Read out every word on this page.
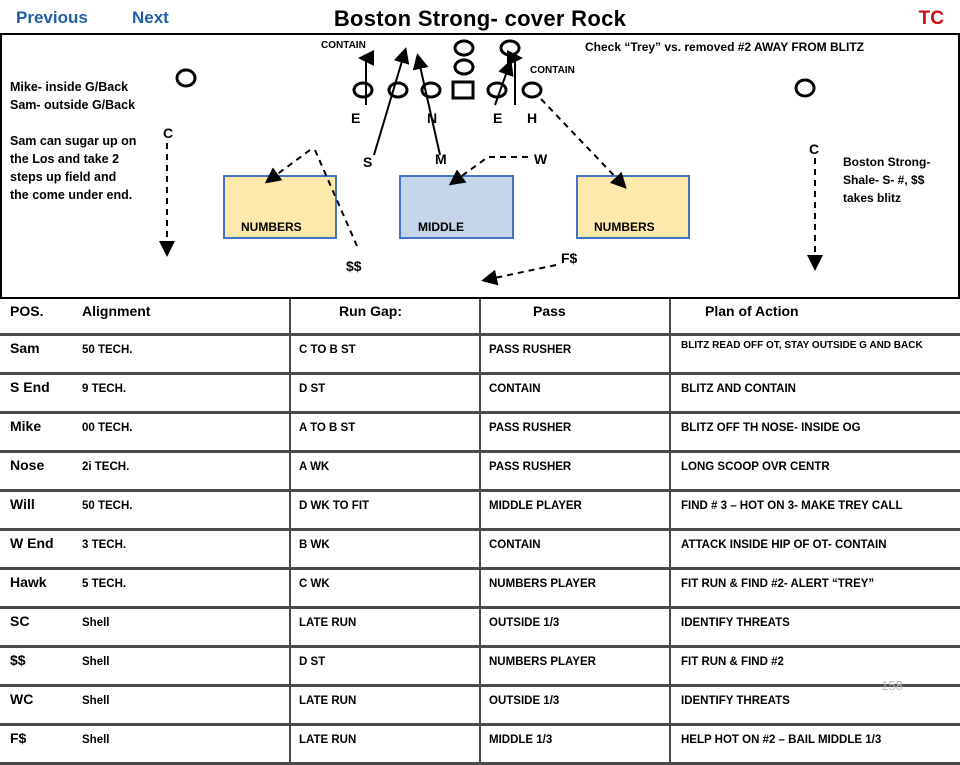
Previous	Next	Boston Strong- cover Rock	TC
NUMBERS	MIDDLE	NUMBERS
CONTAIN
CONTAIN
Check “Trey” vs. removed #2 AWAY FROM BLITZ
E	N	E H
C
C
S	M	W
$$	F$
Mike- inside G/Back
Sam- outside G/Back

Sam can sugar up on
the Los and take 2
steps up field and
the come under end.
Boston Strong-
Shale- S- #, $$
takes blitz
POS.	Alignment	Run Gap:	Pass	Plan of Action
Sam	50 TECH.	C TO B ST	PASS RUSHER	BLITZ READ OFF OT, STAY OUTSIDE G AND BACK

S End	9 TECH.	D ST	CONTAIN	BLITZ AND CONTAIN

Mike	00 TECH.	A TO B ST	PASS RUSHER	BLITZ OFF TH NOSE- INSIDE OG

Nose	2i TECH.	A WK	PASS RUSHER	LONG SCOOP OVR CENTR

Will	50 TECH.	D WK TO FIT	MIDDLE PLAYER	FIND # 3 – HOT ON 3- MAKE TREY CALL

W End	3 TECH.	B WK	CONTAIN	ATTACK INSIDE HIP OF OT- CONTAIN

Hawk	5 TECH.	C WK	NUMBERS PLAYER	FIT RUN & FIND #2- ALERT “TREY”

SC	Shell	LATE RUN	OUTSIDE 1/3	IDENTIFY THREATS

$$	Shell	D ST	NUMBERS PLAYER	FIT RUN & FIND #2

WC	Shell	LATE RUN	OUTSIDE 1/3	IDENTIFY THREATS

F$	Shell	LATE RUN	MIDDLE 1/3	HELP HOT ON #2 – BAIL MIDDLE 1/3
158
